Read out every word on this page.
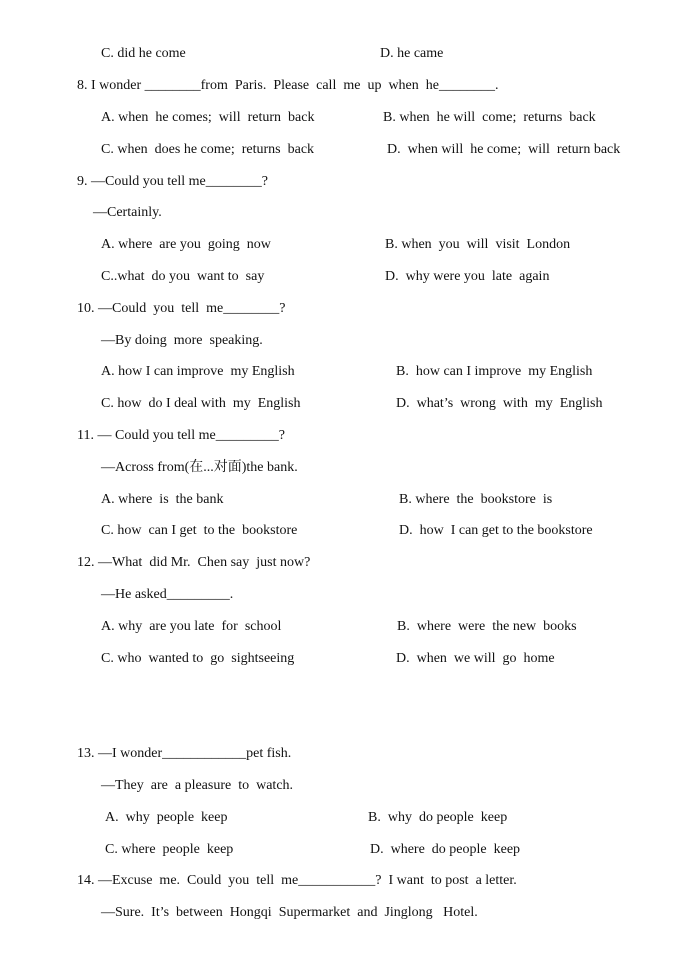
C. did he come	D. he came
8. I wonder ________from  Paris.  Please  call  me  up  when  he________.
A. when  he comes;  will  return  back	B. when  he will  come;  returns  back
C. when  does he come;  returns  back	D.  when will  he come;  will  return back
9. —Could you tell me________?
—Certainly.
A. where  are you  going  now	B. when  you  will  visit  London
C..what  do you  want to  say	D.  why were you  late  again
10. —Could  you  tell  me________?
—By doing  more  speaking.
A. how I can improve  my English	B.  how can I improve  my English
C. how  do I deal with  my  English	D.  what’s  wrong  with  my  English
11. — Could you tell me_________?
—Across from(在...对面)the bank.
A. where  is  the bank	B. where  the  bookstore  is
C. how  can I get  to the  bookstore	D.  how  I can get to the bookstore
12. —What  did Mr.  Chen say  just now?
—He asked_________.
A. why  are you late  for  school	B.  where  were  the new  books
C. who  wanted to  go  sightseeing	D.  when  we will  go  home
13. —I wonder____________pet fish.
—They  are  a pleasure  to  watch.
A.  why  people  keep	B.  why  do people  keep
C. where  people  keep	D.  where  do people  keep
14. —Excuse  me.  Could  you  tell  me___________?  I want  to post  a letter.
—Sure.  It’s  between  Hongqi  Supermarket  and  Jinglong   Hotel.
